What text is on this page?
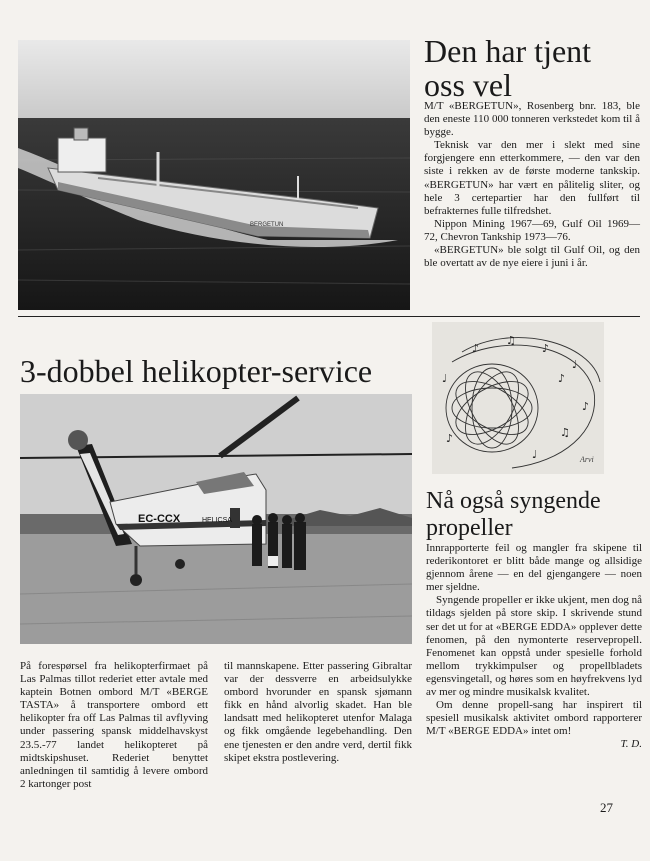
BERGETUN
Den har tjent oss vel

M/T «BERGETUN», Rosenberg bnr. 183, ble den eneste 110 000 tonneren verkstedet kom til å bygge.

Teknisk var den mer i slekt med sine forgjengere enn etterkommere, — den var den siste i rekken av de første moderne tankskip. «BERGETUN» har vært en pålitelig sliter, og hele 3 certepartier har den fullført til befrakternes fulle tilfredshet.

Nippon Mining 1967—69, Gulf Oil 1969—72, Chevron Tankship 1973—76.

«BERGETUN» ble solgt til Gulf Oil, og den ble overtatt av de nye eiere i juni i år.

3-dobbel helikopter-service
EC-CCX	HELICSA
På forespørsel fra helikopterfirmaet på Las Palmas tillot rederiet etter avtale med kaptein Botnen ombord M/T «BERGE TASTA» å transportere ombord ett helikopter fra off Las Palmas til avflyving under passering spansk middelhavskyst 23.5.-77 landet helikopteret på midtskipshuset. Rederiet benyttet anledningen til samtidig å levere ombord 2 kartonger post
til mannskapene. Etter passering Gibraltar var der dessverre en arbeidsulykke ombord hvorunder en spansk sjømann fikk en hånd alvorlig skadet. Han ble landsatt med helikopteret utenfor Malaga og fikk omgående legebehandling. Den ene tjenesten er den andre verd, dertil fikk skipet ekstra postlevering.
♪
♫
♪
♩
♪
♫
♩
♪
♩
♪
Arvi
Nå også syngende propeller

Innrapporterte feil og mangler fra skipene til rederikontoret er blitt både mange og allsidige gjennom årene — en del gjengangere — noen mer sjeldne.

Syngende propeller er ikke ukjent, men dog nå tildags sjelden på store skip. I skrivende stund ser det ut for at «BERGE EDDA» opplever dette fenomen, på den nymonterte reservepropell. Fenomenet kan oppstå under spesielle forhold mellom trykkimpulser og propellbladets egensvingetall, og høres som en høyfrekvens lyd av mer og mindre musikalsk kvalitet.

Om denne propell-sang har inspirert til spesiell musikalsk aktivitet ombord rapporterer M/T «BERGE EDDA» intet om!

T. D.

27
